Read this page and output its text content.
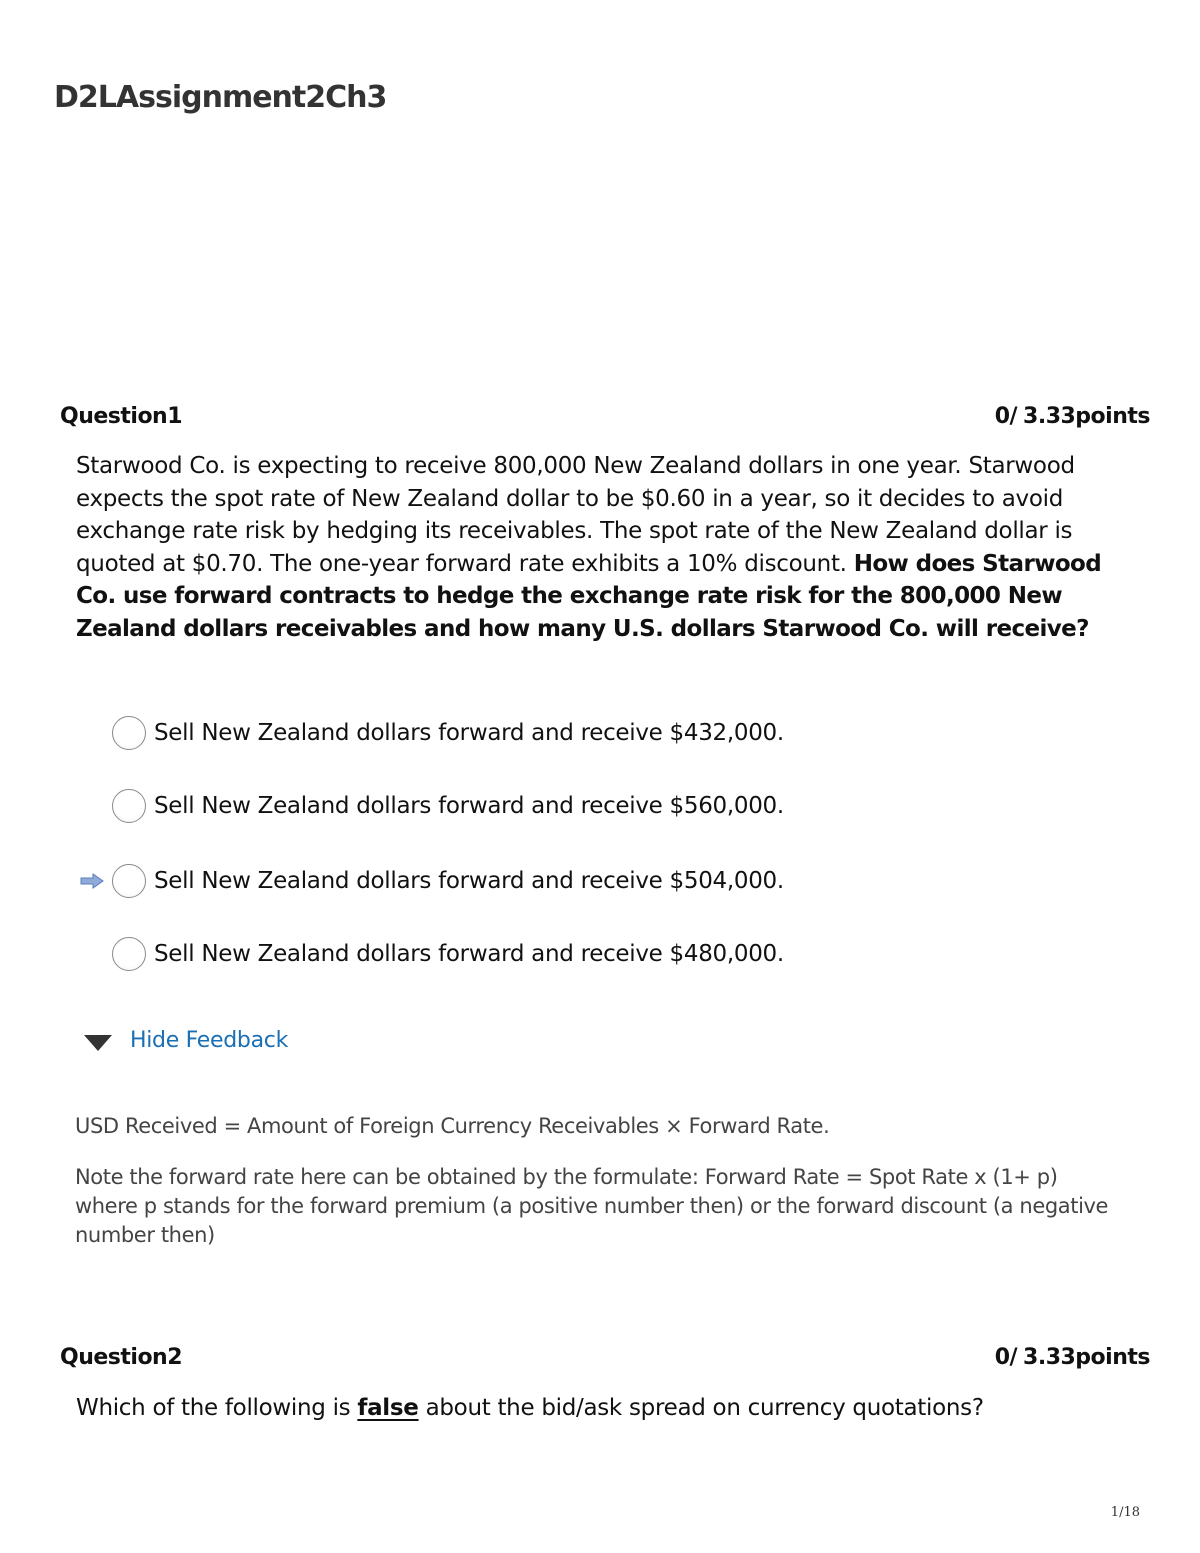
D2LAssignment2Ch3
Question1	0/ 3.33points
Starwood Co. is expecting to receive 800,000 New Zealand dollars in one year. Starwood expects the spot rate of New Zealand dollar to be $0.60 in a year, so it decides to avoid exchange rate risk by hedging its receivables. The spot rate of the New Zealand dollar is quoted at $0.70. The one-year forward rate exhibits a 10% discount. How does Starwood Co. use forward contracts to hedge the exchange rate risk for the 800,000 New Zealand dollars receivables and how many U.S. dollars Starwood Co. will receive?
Sell New Zealand dollars forward and receive $432,000.
Sell New Zealand dollars forward and receive $560,000.
Sell New Zealand dollars forward and receive $504,000.
Sell New Zealand dollars forward and receive $480,000.
Hide Feedback
USD Received = Amount of Foreign Currency Receivables × Forward Rate.
Note the forward rate here can be obtained by the formulate: Forward Rate = Spot Rate x (1+ p) where p stands for the forward premium (a positive number then) or the forward discount (a negative number then)
Question2	0/ 3.33points
Which of the following is false about the bid/ask spread on currency quotations?
1/18
